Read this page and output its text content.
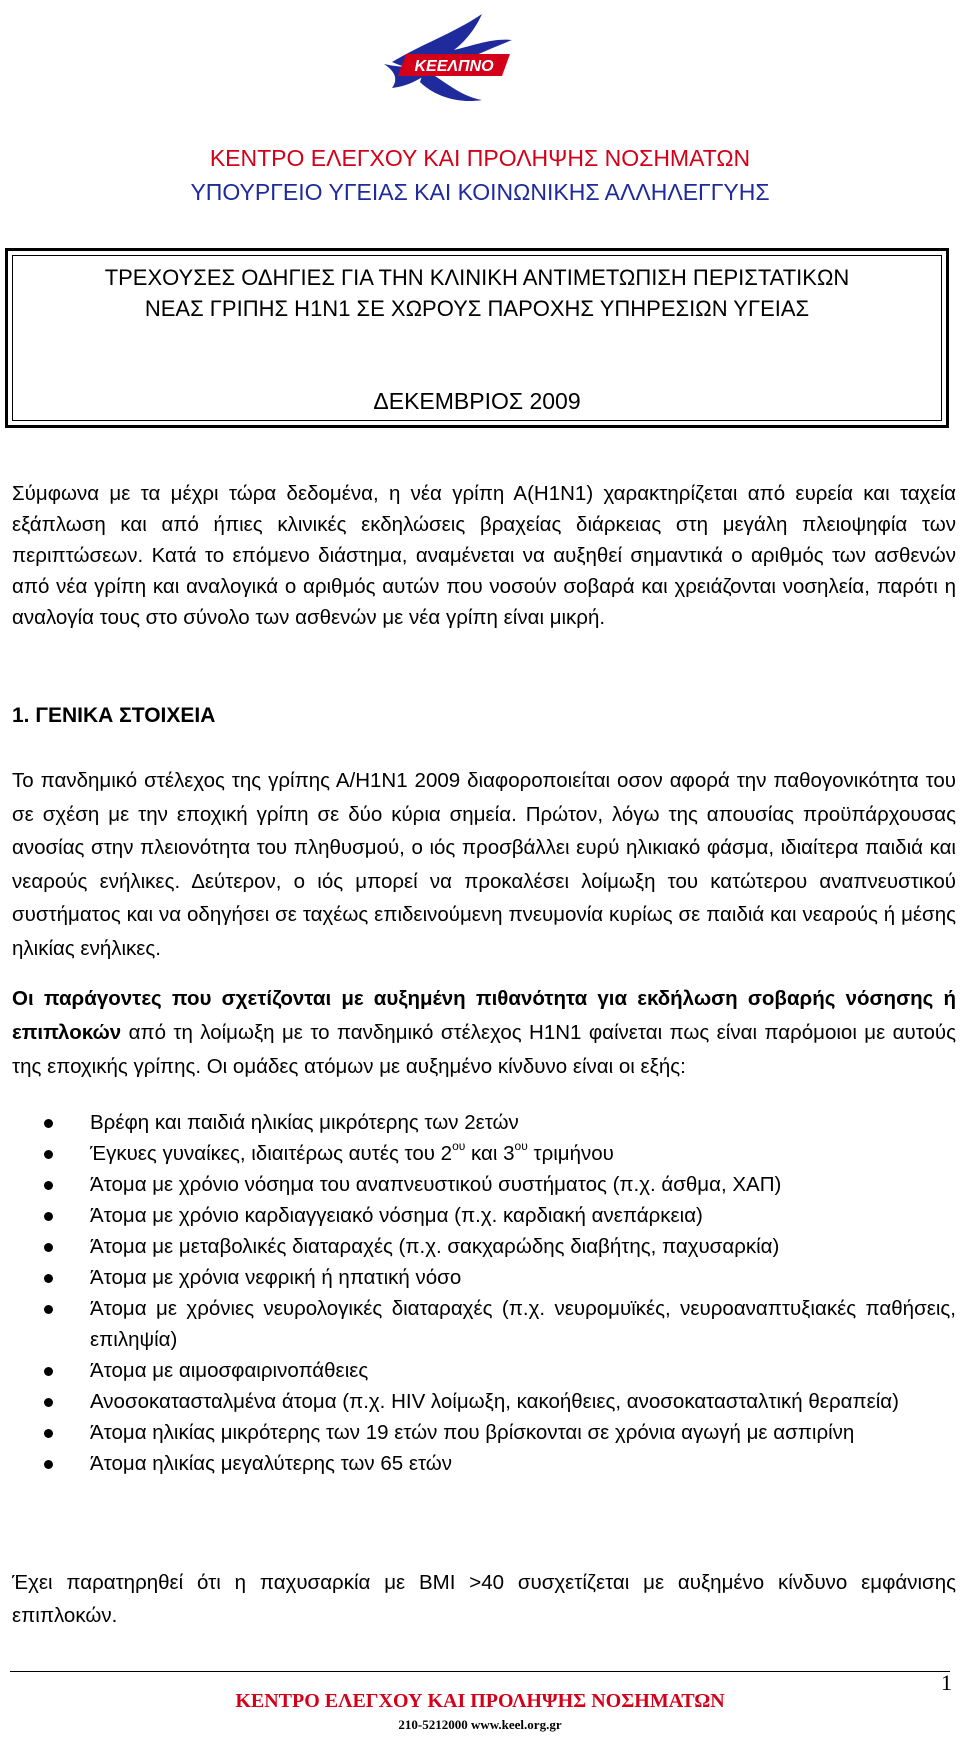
ΚΕΕΛΠΝΟ
ΚΕΝΤΡΟ ΕΛΕΓΧΟΥ ΚΑΙ ΠΡΟΛΗΨΗΣ ΝΟΣΗΜΑΤΩΝ
ΥΠΟΥΡΓΕΙΟ ΥΓΕΙΑΣ ΚΑΙ ΚΟΙΝΩΝΙΚΗΣ ΑΛΛΗΛΕΓΓΥΗΣ
ΤΡΕΧΟΥΣΕΣ ΟΔΗΓΙΕΣ ΓΙΑ ΤΗΝ ΚΛΙΝΙΚΗ ΑΝΤΙΜΕΤΩΠΙΣΗ ΠΕΡΙΣΤΑΤΙΚΩΝ
ΝΕΑΣ ΓΡΙΠΗΣ Η1Ν1 ΣΕ ΧΩΡΟΥΣ ΠΑΡΟΧΗΣ ΥΠΗΡΕΣΙΩΝ ΥΓΕΙΑΣ
ΔΕΚΕΜΒΡΙΟΣ 2009

Σύμφωνα με τα μέχρι τώρα δεδομένα, η νέα γρίπη Α(Η1Ν1) χαρακτηρίζεται από ευρεία και ταχεία εξάπλωση και από ήπιες κλινικές εκδηλώσεις βραχείας διάρκειας στη μεγάλη πλειοψηφία των περιπτώσεων. Κατά το επόμενο διάστημα, αναμένεται να αυξηθεί σημαντικά ο αριθμός των ασθενών από νέα γρίπη και αναλογικά ο αριθμός αυτών που νοσούν σοβαρά και χρειάζονται νοσηλεία, παρότι η αναλογία τους στο σύνολο των ασθενών με νέα γρίπη είναι μικρή.

1. ΓΕΝΙΚΑ ΣΤΟΙΧΕΙΑ

Το πανδημικό στέλεχος της γρίπης Α/Η1Ν1 2009 διαφοροποιείται οσον αφορά την παθογονικότητα του σε σχέση με την εποχική γρίπη σε δύο κύρια σημεία. Πρώτον, λόγω της απουσίας προϋπάρχουσας ανοσίας στην πλειονότητα του πληθυσμού, ο ιός προσβάλλει ευρύ ηλικιακό φάσμα, ιδιαίτερα παιδιά και νεαρούς ενήλικες. Δεύτερον, ο ιός μπορεί να προκαλέσει λοίμωξη του κατώτερου αναπνευστικού συστήματος και να οδηγήσει σε ταχέως επιδεινούμενη πνευμονία κυρίως σε παιδιά και νεαρούς ή μέσης ηλικίας ενήλικες.

Οι παράγοντες που σχετίζονται με αυξημένη πιθανότητα για εκδήλωση σοβαρής νόσησης ή επιπλοκών από τη λοίμωξη με το πανδημικό στέλεχος Η1Ν1 φαίνεται πως είναι παρόμοιοι με αυτούς της εποχικής γρίπης. Οι ομάδες ατόμων με αυξημένο κίνδυνο είναι οι εξής:

Βρέφη και παιδιά ηλικίας μικρότερης των 2ετών
Έγκυες γυναίκες, ιδιαιτέρως αυτές του $2^{o\upsilon}$ και $3^{o\upsilon}$ τριμήνου
Άτομα με χρόνιο νόσημα του αναπνευστικού συστήματος (π.χ. άσθμα, ΧΑΠ)
Άτομα με χρόνιο καρδιαγγειακό νόσημα (π.χ. καρδιακή ανεπάρκεια)
Άτομα με μεταβολικές διαταραχές (π.χ. σακχαρώδης διαβήτης, παχυσαρκία)
Άτομα με χρόνια νεφρική ή ηπατική νόσο
Άτομα με χρόνιες νευρολογικές διαταραχές (π.χ. νευρομυϊκές, νευροαναπτυξιακές παθήσεις, επιληψία)
Άτομα με αιμοσφαιρινοπάθειες
Ανοσοκατασταλμένα άτομα (π.χ. HIV λοίμωξη, κακοήθειες, ανοσοκατασταλτική θεραπεία)
Άτομα ηλικίας μικρότερης των 19 ετών που βρίσκονται σε χρόνια αγωγή με ασπιρίνη
Άτομα ηλικίας μεγαλύτερης των 65 ετών

Έχει παρατηρηθεί ότι η παχυσαρκία με ΒΜΙ >40 συσχετίζεται με αυξημένο κίνδυνο εμφάνισης επιπλοκών.

1
ΚΕΝΤΡΟ ΕΛΕΓΧΟΥ ΚΑΙ ΠΡΟΛΗΨΗΣ ΝΟΣΗΜΑΤΩΝ
210-5212000 www.keel.org.gr
